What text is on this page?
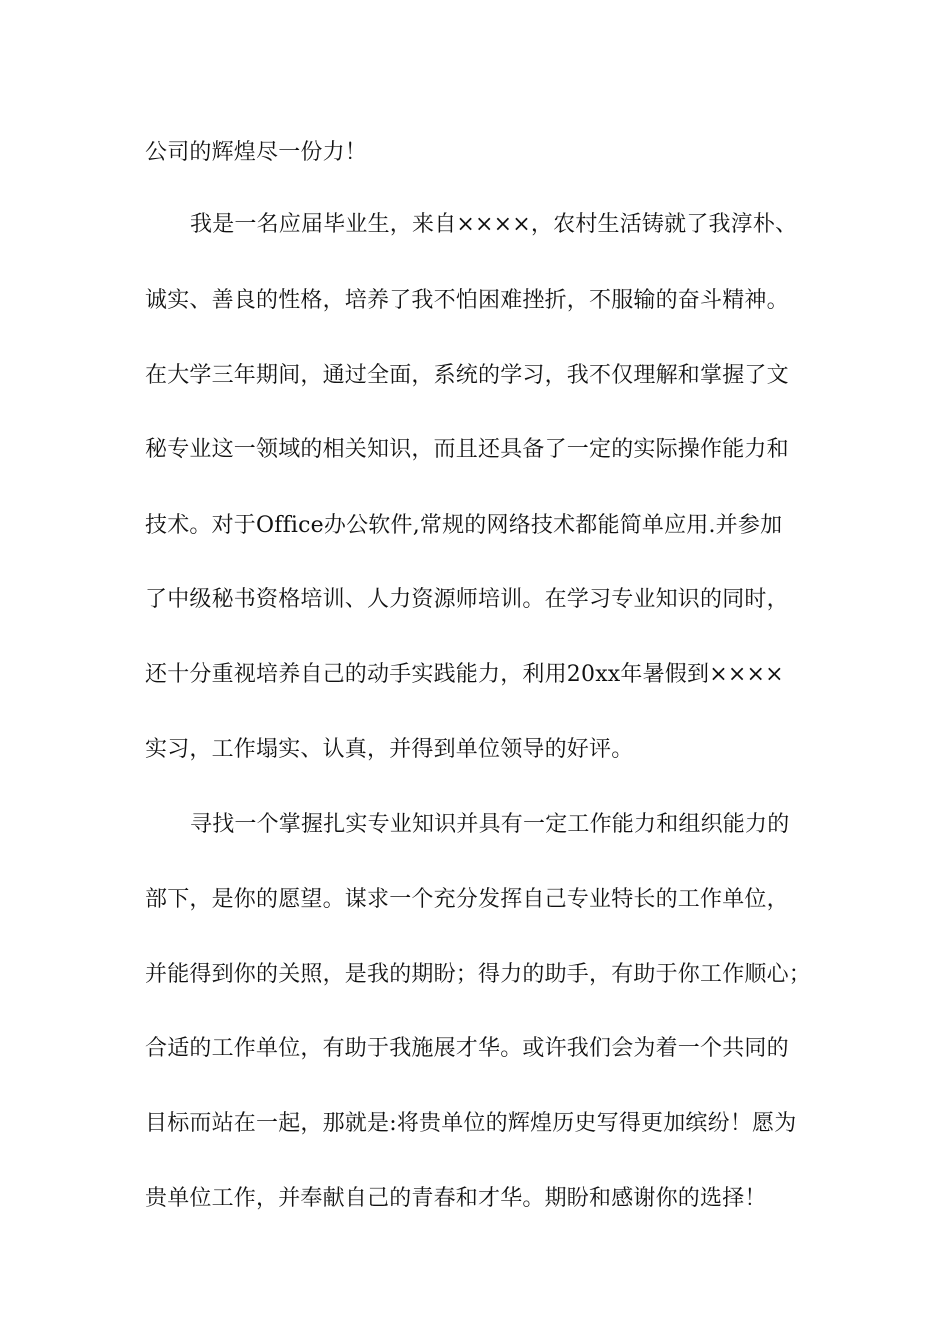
公司的辉煌尽一份力！
我是一名应届毕业生，来自××××，农村生活铸就了我淳朴、
诚实、善良的性格，培养了我不怕困难挫折，不服输的奋斗精神。
在大学三年期间，通过全面，系统的学习，我不仅理解和掌握了文
秘专业这一领域的相关知识，而且还具备了一定的实际操作能力和
技术。对于Office办公软件,常规的网络技术都能简单应用.并参加
了中级秘书资格培训、人力资源师培训。在学习专业知识的同时，
还十分重视培养自己的动手实践能力，利用20xx年暑假到××××
实习，工作塌实、认真，并得到单位领导的好评。
寻找一个掌握扎实专业知识并具有一定工作能力和组织能力的
部下，是你的愿望。谋求一个充分发挥自己专业特长的工作单位，
并能得到你的关照，是我的期盼；得力的助手，有助于你工作顺心；
合适的工作单位，有助于我施展才华。或许我们会为着一个共同的
目标而站在一起，那就是:将贵单位的辉煌历史写得更加缤纷！愿为
贵单位工作，并奉献自己的青春和才华。期盼和感谢你的选择！
